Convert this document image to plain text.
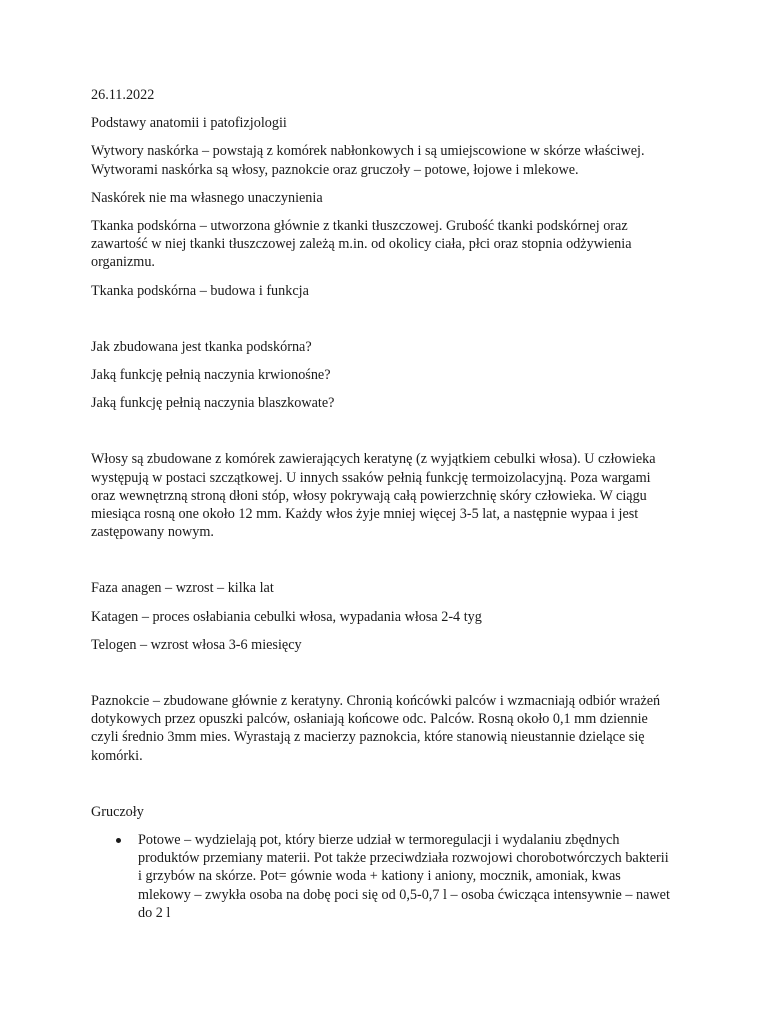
26.11.2022

Podstawy anatomii i patofizjologii

Wytwory naskórka – powstają z komórek nabłonkowych i są umiejscowione w skórze właściwej. Wytworami naskórka są włosy, paznokcie oraz gruczoły – potowe, łojowe i mlekowe.

Naskórek nie ma własnego unaczynienia

Tkanka podskórna – utworzona głównie z tkanki tłuszczowej. Grubość tkanki podskórnej oraz zawartość w niej tkanki tłuszczowej zależą m.in. od okolicy ciała, płci oraz stopnia odżywienia organizmu.

Tkanka podskórna – budowa i funkcja

Jak zbudowana jest tkanka podskórna?

Jaką funkcję pełnią naczynia krwionośne?

Jaką funkcję pełnią naczynia blaszkowate?

Włosy są zbudowane z komórek zawierających keratynę (z wyjątkiem cebulki włosa). U człowieka występują w postaci szczątkowej. U innych ssaków pełnią funkcję termoizolacyjną. Poza wargami oraz wewnętrzną stroną dłoni stóp, włosy pokrywają całą powierzchnię skóry człowieka. W ciągu miesiąca rosną one około 12 mm. Każdy włos żyje mniej więcej 3-5 lat, a następnie wypaa i jest zastępowany nowym.

Faza anagen – wzrost – kilka lat

Katagen – proces osłabiania cebulki włosa, wypadania włosa 2-4 tyg

Telogen – wzrost włosa 3-6 miesięcy

Paznokcie – zbudowane głównie z keratyny. Chronią końcówki palców i wzmacniają odbiór wrażeń dotykowych przez opuszki palców, osłaniają końcowe odc. Palców. Rosną około 0,1 mm dziennie czyli średnio 3mm mies. Wyrastają z macierzy paznokcia, które stanowią nieustannie dzielące się komórki.

Gruczoły

Potowe – wydzielają pot, który bierze udział w termoregulacji i wydalaniu zbędnych produktów przemiany materii. Pot także przeciwdziała rozwojowi chorobotwórczych bakterii i grzybów na skórze. Pot= gównie woda + kationy i aniony, mocznik, amoniak, kwas mlekowy – zwykła osoba na dobę poci się od 0,5-0,7 l – osoba ćwicząca intensywnie – nawet do 2 l
